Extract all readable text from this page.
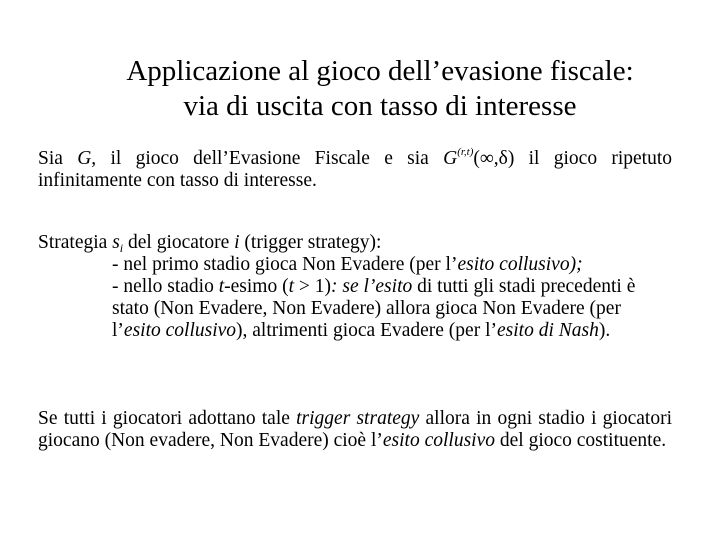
Applicazione al gioco dell’evasione fiscale:
via di uscita con tasso di interesse
Sia G, il gioco dell’Evasione Fiscale e sia G$^{(r,t)}$(∞,δ) il gioco ripetuto infinitamente con tasso di interesse.
Strategia $s_i$ del giocatore i (trigger strategy):
- nel primo stadio gioca Non Evadere (per l’esito collusivo);
- nello stadio t-esimo (t > 1): se l’esito di tutti gli stadi precedenti è stato (Non Evadere, Non Evadere) allora gioca Non Evadere (per l’esito collusivo), altrimenti gioca Evadere (per l’esito di Nash).
Se tutti i giocatori adottano tale trigger strategy allora in ogni stadio i giocatori giocano (Non evadere, Non Evadere) cioè l’esito collusivo del gioco costituente.
